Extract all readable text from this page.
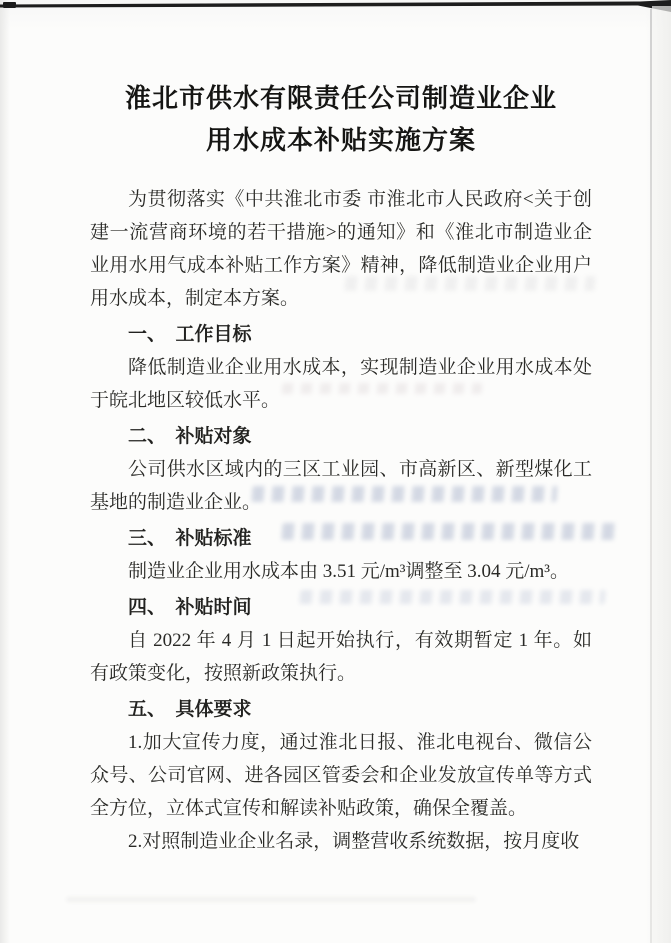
淮北市供水有限责任公司制造业企业
用水成本补贴实施方案

为贯彻落实《中共淮北市委 市淮北市人民政府<关于创建一流营商环境的若干措施>的通知》和《淮北市制造业企业用水用气成本补贴工作方案》精神，降低制造业企业用户用水成本，制定本方案。

一、　工作目标

降低制造业企业用水成本，实现制造业企业用水成本处于皖北地区较低水平。

二、　补贴对象

公司供水区域内的三区工业园、市高新区、新型煤化工基地的制造业企业。

三、　补贴标准

制造业企业用水成本由 3.51 元/m³调整至 3.04 元/m³。

四、　补贴时间

自 2022 年 4 月 1 日起开始执行，有效期暂定 1 年。如有政策变化，按照新政策执行。

五、　具体要求

1.加大宣传力度，通过淮北日报、淮北电视台、微信公众号、公司官网、进各园区管委会和企业发放宣传单等方式全方位，立体式宣传和解读补贴政策，确保全覆盖。

2.对照制造业企业名录，调整营收系统数据，按月度收
